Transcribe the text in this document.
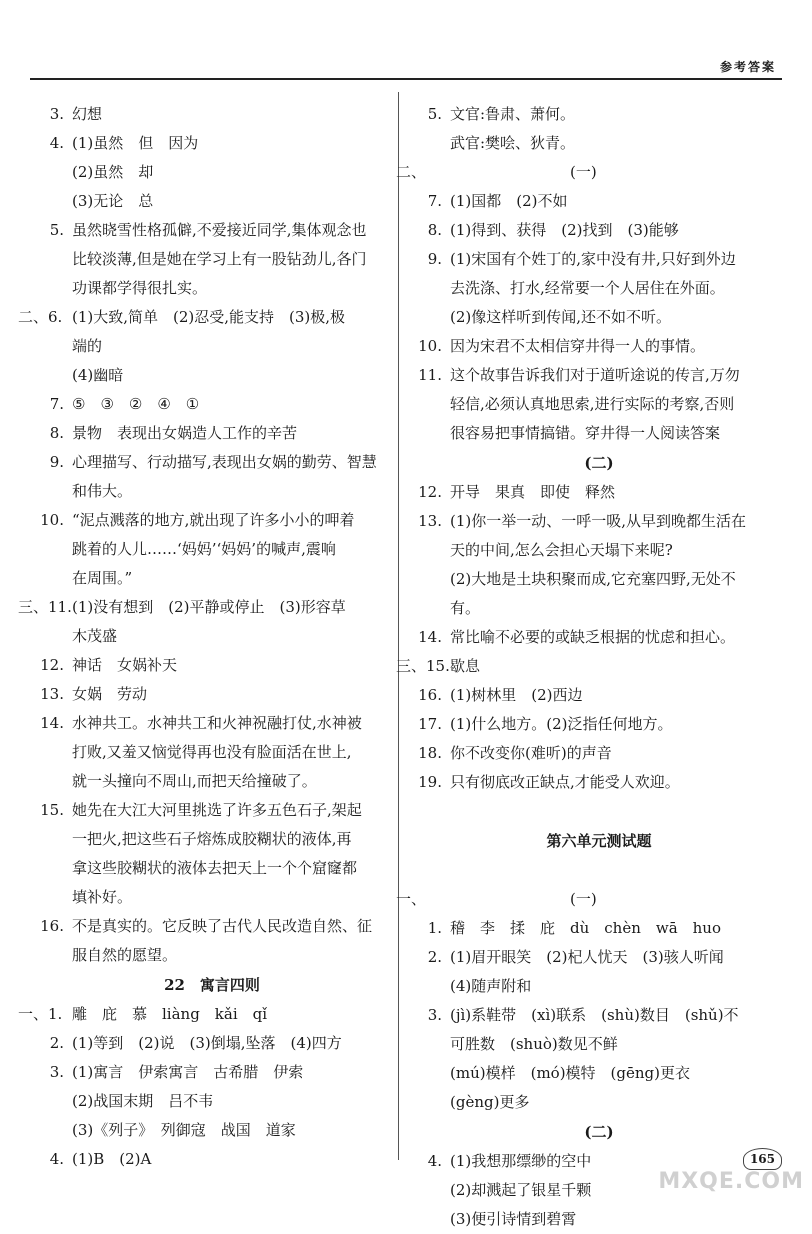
参考答案
3. 幻想
4. (1)虽然　但　因为
(2)虽然　却
(3)无论　总
5. 虽然晓雪性格孤僻,不爱接近同学,集体观念也
比较淡薄,但是她在学习上有一股钻劲儿,各门
功课都学得很扎实。
二、6. (1)大致,简单　(2)忍受,能支持　(3)极,极
端的
(4)幽暗
7. ⑤　③　②　④　①
8. 景物　表现出女娲造人工作的辛苦
9. 心理描写、行动描写,表现出女娲的勤劳、智慧
和伟大。
10. “泥点溅落的地方,就出现了许多小小的呷着
跳着的人儿……‘妈妈’‘妈妈’的喊声,震响
在周围。”
三、11. (1)没有想到　(2)平静或停止　(3)形容草
木茂盛
12. 神话　女娲补天
13. 女娲　劳动
14. 水神共工。水神共工和火神祝融打仗,水神被
打败,又羞又恼觉得再也没有脸面活在世上,
就一头撞向不周山,而把天给撞破了。
15. 她先在大江大河里挑选了许多五色石子,架起
一把火,把这些石子熔炼成胶糊状的液体,再
拿这些胶糊状的液体去把天上一个个窟窿都
填补好。
16. 不是真实的。它反映了古代人民改造自然、征
服自然的愿望。
22　寓言四则
一、1. 雕　庇　慕　liàng　kǎi　qǐ
2. (1)等到　(2)说　(3)倒塌,坠落　(4)四方
3. (1)寓言　伊索寓言　古希腊　伊索
(2)战国末期　吕不韦
(3)《列子》　列御寇　战国　道家
4. (1)B　(2)A
5. 文官:鲁肃、萧何。
武官:樊哙、狄青。
二、	　　　　　　　　(一)
7. (1)国都　(2)不如
8. (1)得到、获得　(2)找到　(3)能够
9. (1)宋国有个姓丁的,家中没有井,只好到外边
去洗涤、打水,经常要一个人居住在外面。
(2)像这样听到传闻,还不如不听。
10. 因为宋君不太相信穿井得一人的事情。
11. 这个故事告诉我们对于道听途说的传言,万勿
轻信,必须认真地思索,进行实际的考察,否则
很容易把事情搞错。穿井得一人阅读答案
(二)
12. 开导　果真　即使　释然
13. (1)你一举一动、一呼一吸,从早到晚都生活在
天的中间,怎么会担心天塌下来呢?
(2)大地是土块积聚而成,它充塞四野,无处不
有。
14. 常比喻不必要的或缺乏根据的忧虑和担心。
三、15. 歇息
16. (1)树林里　(2)西边
17. (1)什么地方。(2)泛指任何地方。
18. 你不改变你(难听)的声音
19. 只有彻底改正缺点,才能受人欢迎。
第六单元测试题
一、	　　　　　　　　(一)
1. 稽　李　揉　庇　dù　chèn　wā　huo
2. (1)眉开眼笑　(2)杞人忧天　(3)骇人听闻
(4)随声附和
3. (jì)系鞋带　(xì)联系　(shù)数目　(shǔ)不
可胜数　(shuò)数见不鲜
(mú)模样　(mó)模特　(gēng)更衣
(gèng)更多
(二)
4. (1)我想那缥缈的空中
(2)却溅起了银星千颗
(3)便引诗情到碧霄
165
MXQE.COM
